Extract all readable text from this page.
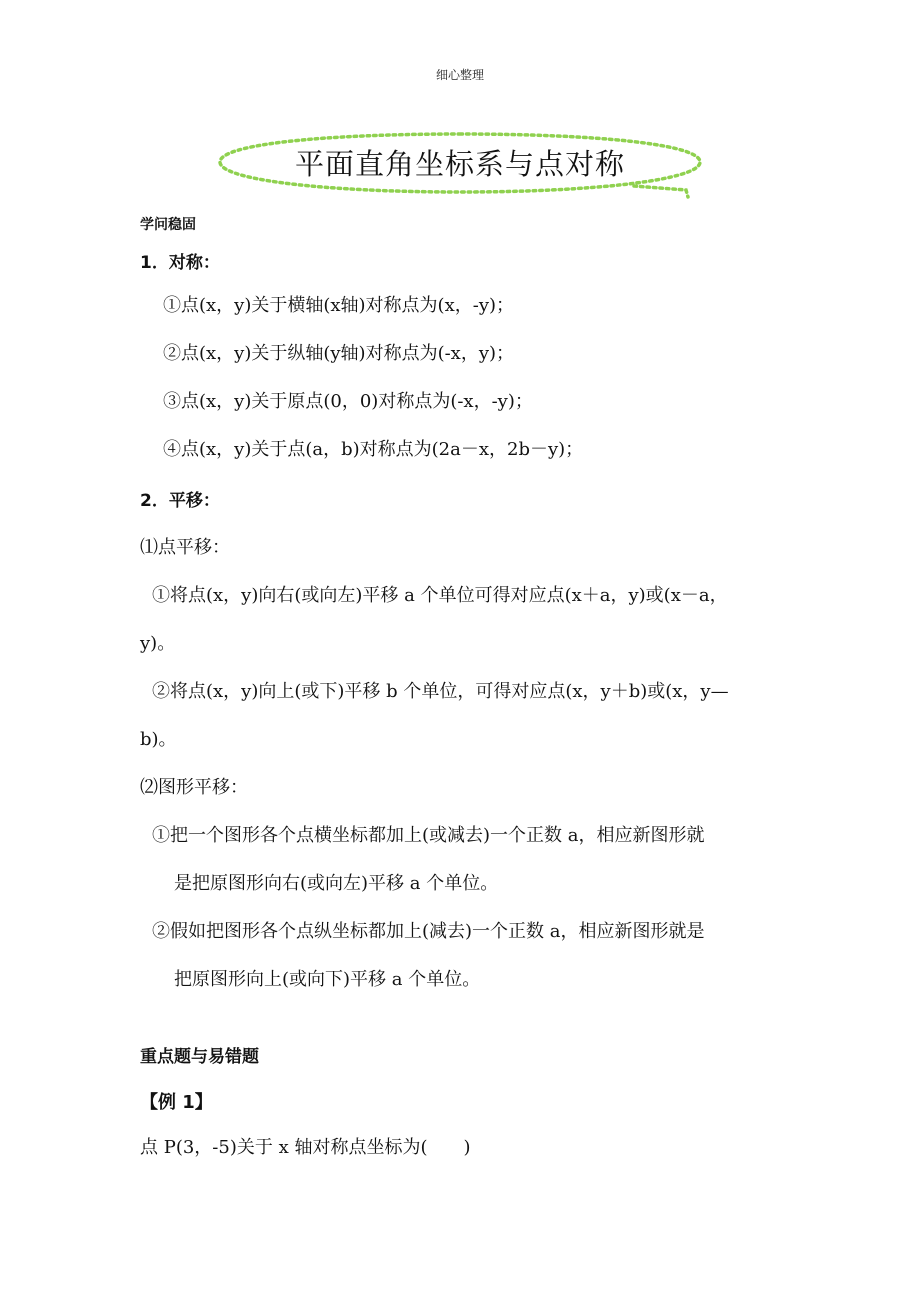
细心整理
平面直角坐标系与点对称
学问稳固
1．对称：
①点(x，y)关于横轴(x轴)对称点为(x，-y)；
②点(x，y)关于纵轴(y轴)对称点为(-x，y)；
③点(x，y)关于原点(0，0)对称点为(-x，-y)；
④点(x，y)关于点(a，b)对称点为(2a－x，2b－y)；
2．平移：
⑴点平移：
①将点(x，y)向右(或向左)平移 a 个单位可得对应点(x＋a，y)或(x－a，
y)。
②将点(x，y)向上(或下)平移 b 个单位，可得对应点(x，y＋b)或(x，y—
b)。
⑵图形平移：
①把一个图形各个点横坐标都加上(或减去)一个正数 a，相应新图形就
是把原图形向右(或向左)平移 a 个单位。
②假如把图形各个点纵坐标都加上(减去)一个正数 a，相应新图形就是
把原图形向上(或向下)平移 a 个单位。
重点题与易错题
【例 1】
点 P(3，-5)关于 x 轴对称点坐标为(　　)
